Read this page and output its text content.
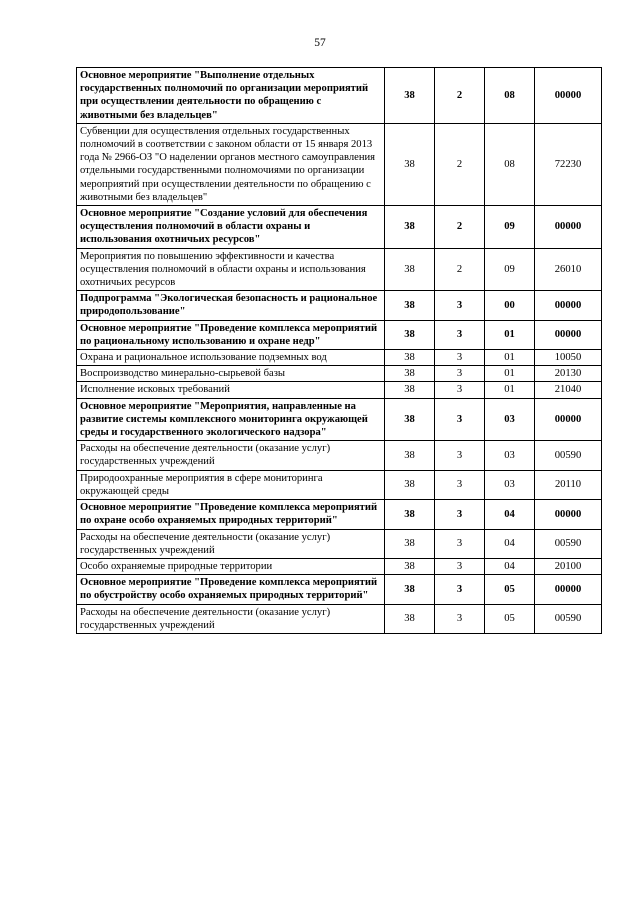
57
Основное мероприятие "Выполнение отдельных государственных полномочий по организации мероприятий при осуществлении деятельности по обращению с животными без владельцев"	38	2	08	00000
Субвенции для осуществления отдельных государственных полномочий в соответствии с законом области от 15 января 2013 года № 2966-ОЗ "О наделении органов местного самоуправления отдельными государственными полномочиями по организации мероприятий при осуществлении деятельности по обращению с животными без владельцев"	38	2	08	72230
Основное мероприятие "Создание условий для обеспечения осуществления полномочий в области охраны и использования охотничьих ресурсов"	38	2	09	00000
Мероприятия по повышению эффективности и качества осуществления полномочий в области охраны и использования охотничьих ресурсов	38	2	09	26010
Подпрограмма "Экологическая безопасность и рациональное природопользование"	38	3	00	00000
Основное мероприятие "Проведение комплекса мероприятий по рациональному использованию и охране недр"	38	3	01	00000
Охрана и рациональное использование подземных вод	38	3	01	10050
Воспроизводство минерально-сырьевой базы	38	3	01	20130
Исполнение исковых требований	38	3	01	21040
Основное мероприятие "Мероприятия, направленные на развитие системы комплексного мониторинга окружающей среды и государственного экологического надзора"	38	3	03	00000
Расходы на обеспечение деятельности (оказание услуг) государственных учреждений	38	3	03	00590
Природоохранные мероприятия в сфере мониторинга окружающей среды	38	3	03	20110
Основное мероприятие "Проведение комплекса мероприятий по охране особо охраняемых природных территорий"	38	3	04	00000
Расходы на обеспечение деятельности (оказание услуг) государственных учреждений	38	3	04	00590
Особо охраняемые природные территории	38	3	04	20100
Основное мероприятие "Проведение комплекса мероприятий по обустройству особо охраняемых природных территорий"	38	3	05	00000
Расходы на обеспечение деятельности (оказание услуг) государственных учреждений	38	3	05	00590
